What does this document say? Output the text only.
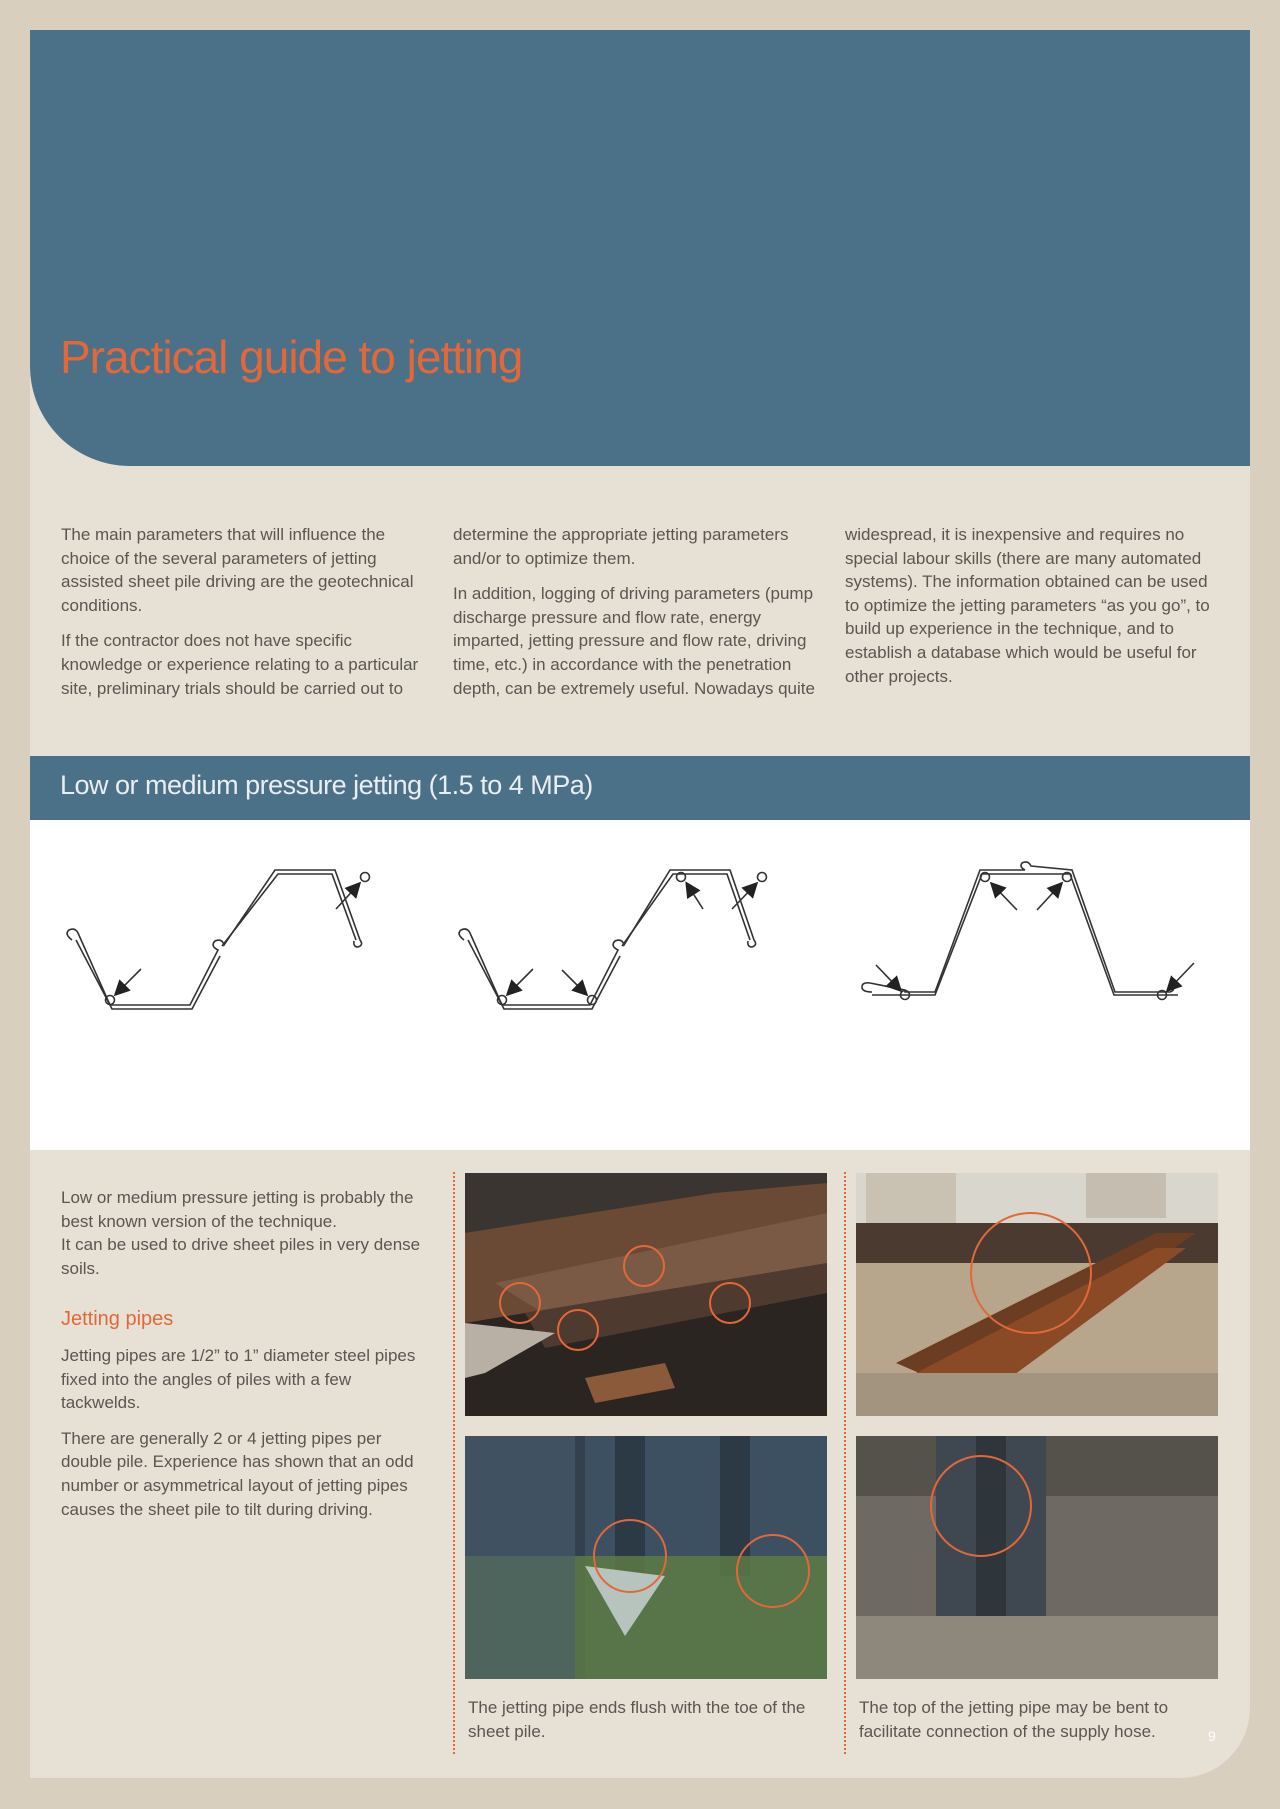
Practical guide to jetting

The main parameters that will influence the choice of the several parameters of jetting assisted sheet pile driving are the geotechnical conditions.

If the contractor does not have specific knowledge or experience relating to a particular site, preliminary trials should be carried out to

determine the appropriate jetting parameters and/or to optimize them.

In addition, logging of driving parameters (pump discharge pressure and flow rate, energy imparted, jetting pressure and flow rate, driving time, etc.) in accordance with the penetration depth, can be extremely useful. Nowadays quite

widespread, it is inexpensive and requires no special labour skills (there are many automated systems). The information obtained can be used to optimize the jetting parameters “as you go”, to build up experience in the technique, and to establish a database which would be useful for other projects.

Low or medium pressure jetting (1.5 to 4 MPa)

Low or medium pressure jetting is probably the best known version of the technique.
It can be used to drive sheet piles in very dense soils.

Jetting pipes

Jetting pipes are 1/2” to 1” diameter steel pipes fixed into the angles of piles with a few tackwelds.

There are generally 2 or 4 jetting pipes per double pile. Experience has shown that an odd number or asymmetrical layout of jetting pipes causes the sheet pile to tilt during driving.

The jetting pipe ends flush with the toe of the sheet pile.
The top of the jetting pipe may be bent to facilitate connection of the supply hose.	9
